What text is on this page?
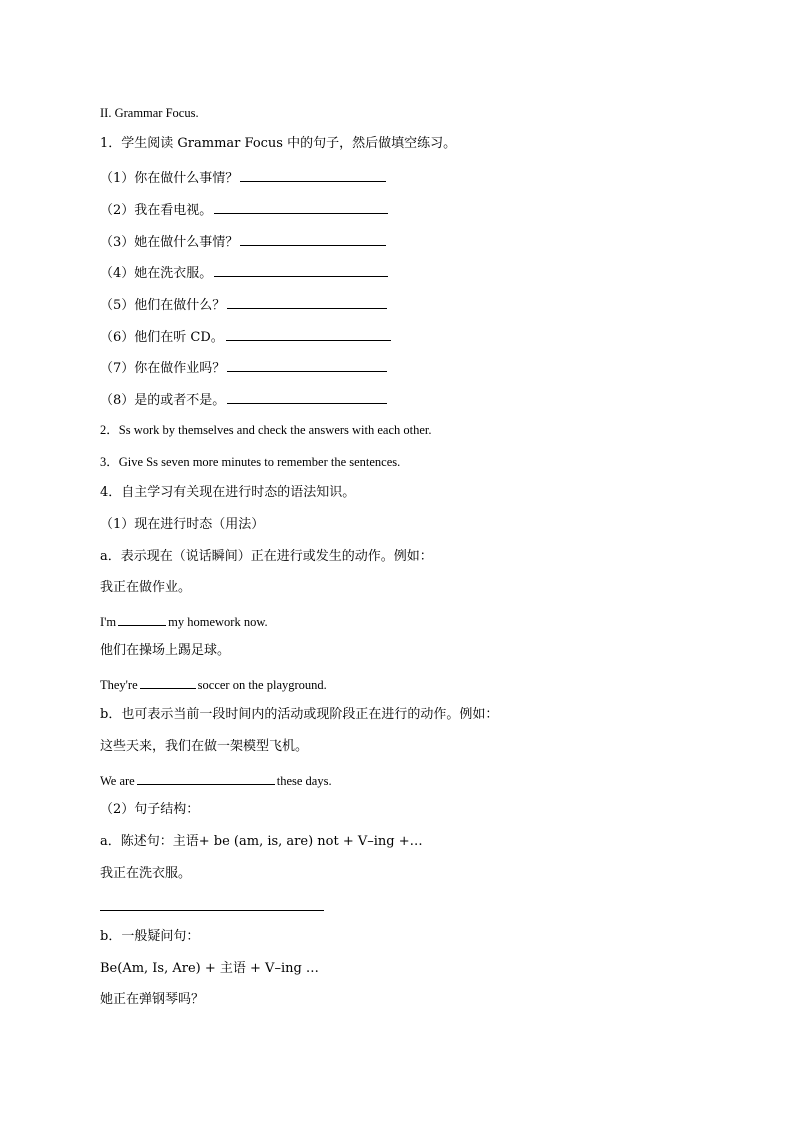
II. Grammar Focus.
1．学生阅读 Grammar Focus 中的句子，然后做填空练习。
（1）你在做什么事情？
（2）我在看电视。
（3）她在做什么事情？
（4）她在洗衣服。
（5）他们在做什么？
（6）他们在听 CD。
（7）你在做作业吗？
（8）是的或者不是。
2．Ss work by themselves and check the answers with each other.
3．Give Ss seven more minutes to remember the sentences.
4．自主学习有关现在进行时态的语法知识。
（1）现在进行时态（用法）
a．表示现在（说话瞬间）正在进行或发生的动作。例如：
我正在做作业。
I'm	my homework now.
他们在操场上踢足球。
They're	soccer on the playground.
b．也可表示当前一段时间内的活动或现阶段正在进行的动作。例如：
这些天来，我们在做一架模型飞机。
We are	these days.
（2）句子结构：
a．陈述句：主语+ be (am, is, are) not + V–ing +…
我正在洗衣服。
b．一般疑问句：
Be(Am, Is, Are) + 主语 + V–ing …
她正在弹钢琴吗？
